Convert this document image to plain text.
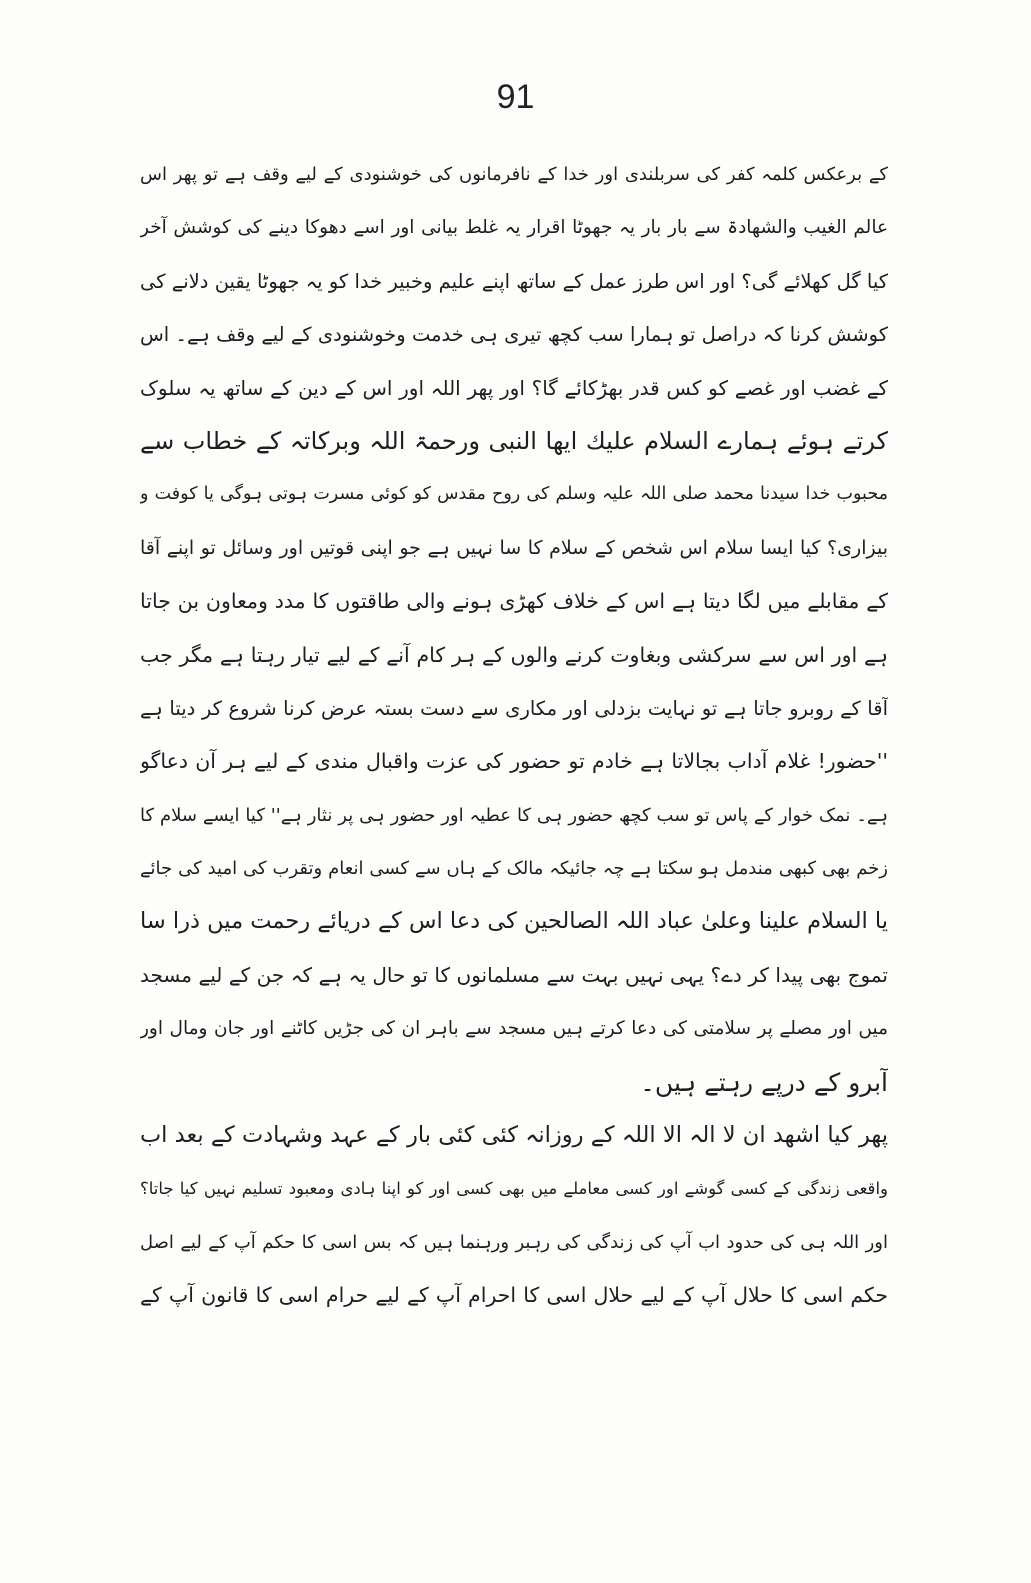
91
کے برعکس کلمہ کفر کی سربلندی اور خدا کے نافرمانوں کی خوشنودی کے لیے وقف ہے تو پھر اس
عالم الغیب والشھادۃ سے بار بار یہ جھوٹا اقرار یہ غلط بیانی اور اسے دھوکا دینے کی کوشش آخر
کیا گل کھلائے گی؟ اور اس طرز عمل کے ساتھ اپنے علیم وخبیر خدا کو یہ جھوٹا یقین دلانے کی
کوشش کرنا کہ دراصل تو ہمارا سب کچھ تیری ہی خدمت وخوشنودی کے لیے وقف ہے۔ اس
کے غضب اور غصے کو کس قدر بھڑکائے گا؟ اور پھر اللہ اور اس کے دین کے ساتھ یہ سلوک
کرتے ہوئے ہمارے السلام علیك ایھا النبی ورحمۃ اللہ وبرکاتہ کے خطاب سے
محبوب خدا سیدنا محمد صلی اللہ علیہ وسلم کی روح مقدس کو کوئی مسرت ہوتی ہوگی یا کوفت و
بیزاری؟ کیا ایسا سلام اس شخص کے سلام کا سا نہیں ہے جو اپنی قوتیں اور وسائل تو اپنے آقا
کے مقابلے میں لگا دیتا ہے اس کے خلاف کھڑی ہونے والی طاقتوں کا مدد ومعاون بن جاتا
ہے اور اس سے سرکشی وبغاوت کرنے والوں کے ہر کام آنے کے لیے تیار رہتا ہے مگر جب
آقا کے روبرو جاتا ہے تو نہایت بزدلی اور مکاری سے دست بستہ عرض کرنا شروع کر دیتا ہے
''حضور! غلام آداب بجالاتا ہے خادم تو حضور کی عزت واقبال مندی کے لیے ہر آن دعاگو
ہے۔ نمک خوار کے پاس تو سب کچھ حضور ہی کا عطیہ اور حضور ہی پر نثار ہے'' کیا ایسے سلام کا
زخم بھی کبھی مندمل ہو سکتا ہے چہ جائیکہ مالک کے ہاں سے کسی انعام وتقرب کی امید کی جائے
یا السلام علینا وعلیٰ عباد اللہ الصالحین کی دعا اس کے دریائے رحمت میں ذرا سا
تموج بھی پیدا کر دے؟ یہی نہیں بہت سے مسلمانوں کا تو حال یہ ہے کہ جن کے لیے مسجد
میں اور مصلے پر سلامتی کی دعا کرتے ہیں مسجد سے باہر ان کی جڑیں کاٹنے اور جان ومال اور
آبرو کے درپے رہتے ہیں۔
پھر کیا اشھد ان لا الہ الا اللہ کے روزانہ کئی کئی بار کے عہد وشہادت کے بعد اب
واقعی زندگی کے کسی گوشے اور کسی معاملے میں بھی کسی اور کو اپنا ہادی ومعبود تسلیم نہیں کیا جاتا؟
اور اللہ ہی کی حدود اب آپ کی زندگی کی رہبر ورہنما ہیں کہ بس اسی کا حکم آپ کے لیے اصل
حکم اسی کا حلال آپ کے لیے حلال اسی کا احرام آپ کے لیے حرام اسی کا قانون آپ کے
